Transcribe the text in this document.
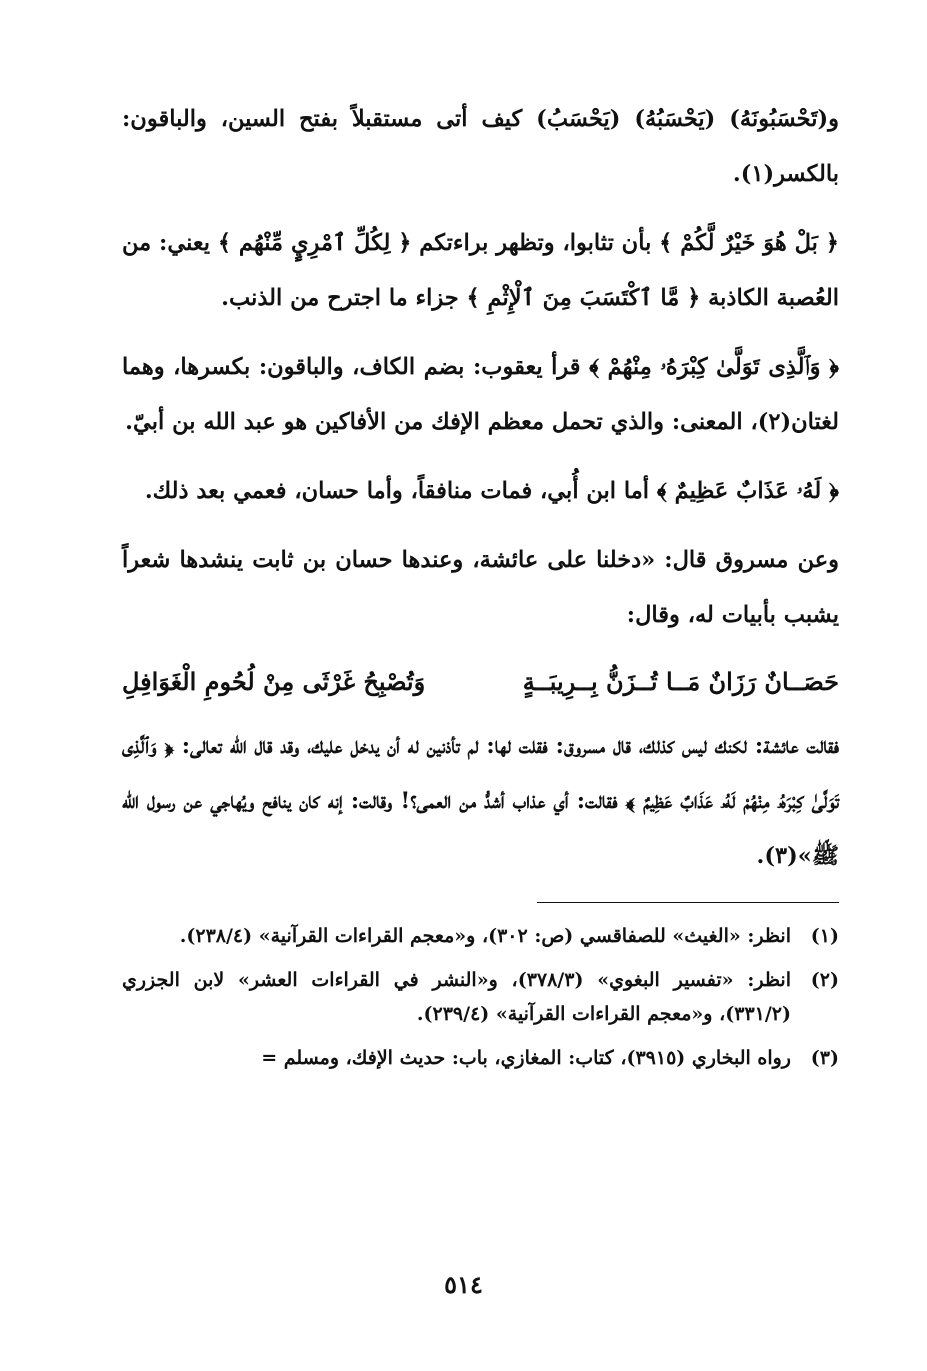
و(تَحْسَبُونَهُ) (يَحْسَبُهُ) (يَحْسَبُ) كيف أتى مستقبلاً بفتح السين، والباقون: بالكسر(١).

﴿ بَلْ هُوَ خَيْرٌ لَّكُمْ ﴾ بأن تثابوا، وتظهر براءتكم ﴿ لِكُلِّ ٱمْرِيٍٕ مِّنْهُم ﴾ يعني: من العُصبة الكاذبة ﴿ مَّا ٱكْتَسَبَ مِنَ ٱلْإِثْمِ ﴾ جزاء ما اجترح من الذنب.

﴿ وَٱلَّذِى تَوَلَّىٰ كِبْرَهُۥ مِنْهُمْ ﴾ قرأ يعقوب: بضم الكاف، والباقون: بكسرها، وهما لغتان(٢)، المعنى: والذي تحمل معظم الإفك من الأفاكين هو عبد الله بن أبيّ.

﴿ لَهُۥ عَذَابٌ عَظِيمٌ ﴾ أما ابن أُبي، فمات منافقاً، وأما حسان، فعمي بعد ذلك.

وعن مسروق قال: «دخلنا على عائشة، وعندها حسان بن ثابت ينشدها شعراً يشبب بأبيات له، وقال:

حَصَــانٌ رَزَانٌ مَــا تُــزَنُّ بِــرِيبَــةٍ
وَتُصْبِحُ غَرْثَى مِنْ لُحُومِ الْغَوَافِلِ

فقالت عائشة: لكنك ليس كذلك، قال مسروق: فقلت لها: لم تأذنين له أن يدخل عليك، وقد قال الله تعالى: ﴿ وَٱلَّذِى تَوَلَّىٰ كِبْرَهُۥ مِنْهُمْ لَهُۥ عَذَابٌ عَظِيمٌ ﴾ فقالت: أي عذاب أشدُّ من العمى؟! وقالت: إنه كان ينافح ويُهاجي عن رسول الله ﷺ»(٣).

(١)
انظر: «الغيث» للصفاقسي (ص: ٣٠٢)، و«معجم القراءات القرآنية» (٢٣٨/٤).
(٢)
انظر: «تفسير البغوي» (٣٧٨/٣)، و«النشر في القراءات العشر» لابن الجزري (٣٣١/٢)، و«معجم القراءات القرآنية» (٢٣٩/٤).
(٣)
رواه البخاري (٣٩١٥)، كتاب: المغازي، باب: حديث الإفك، ومسلم =
٥١٤
